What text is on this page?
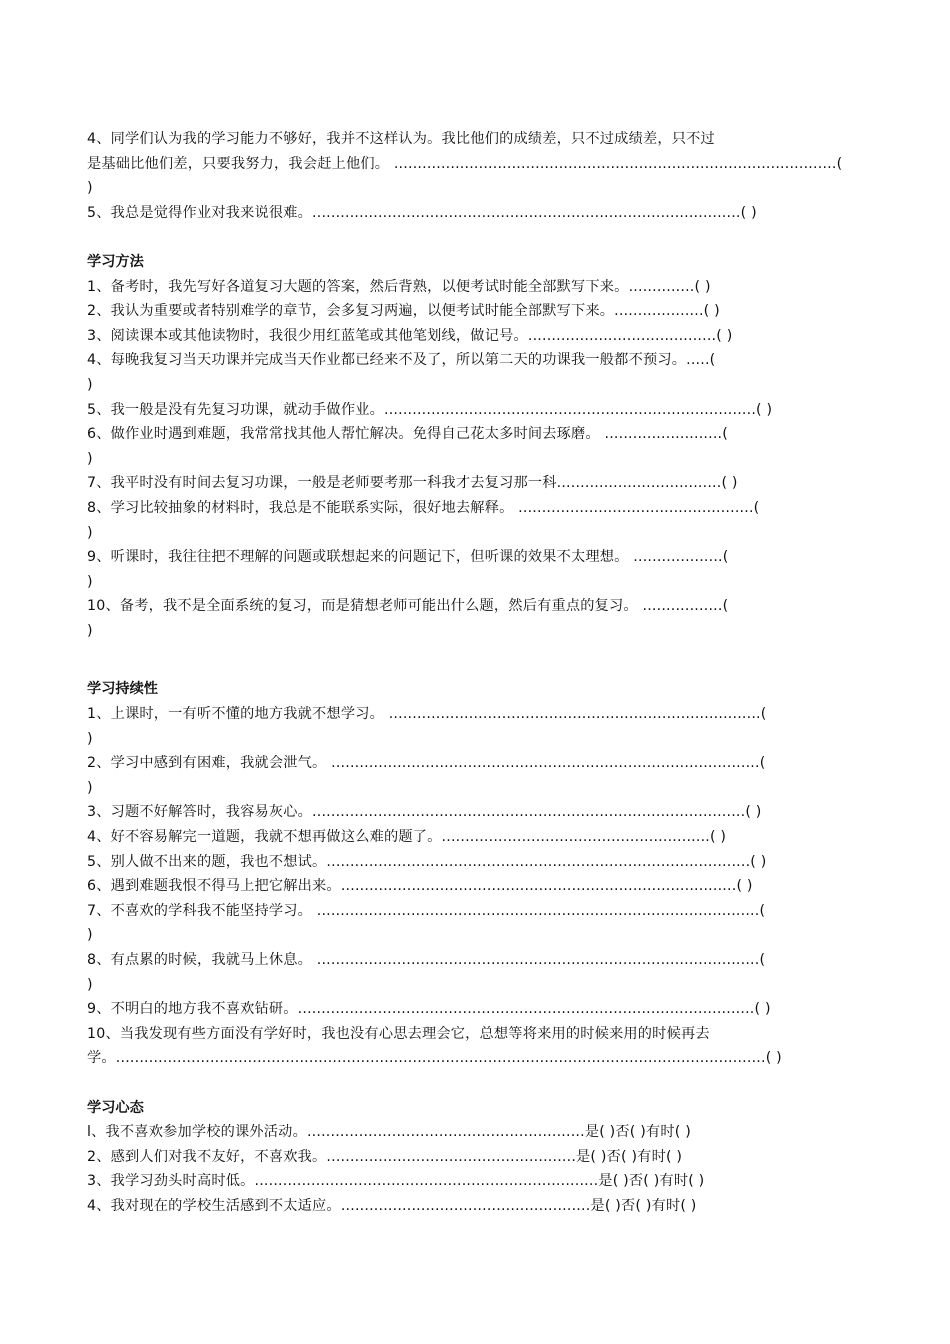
4、同学们认为我的学习能力不够好，我并不这样认为。我比他们的成绩差，只不过成绩差，只不过
是基础比他们差，只要我努力，我会赶上他们。 ..............................................................................................(
)
5、我总是觉得作业对我来说很难。...........................................................................................( )
学习方法
1、备考时，我先写好各道复习大题的答案，然后背熟，以便考试时能全部默写下来。..............( )
2、我认为重要或者特别难学的章节，会多复习两遍，以便考试时能全部默写下来。...................( )
3、阅读课本或其他读物时，我很少用红蓝笔或其他笔划线，做记号。........................................( )
4、每晚我复习当天功课并完成当天作业都已经来不及了，所以第二天的功课我一般都不预习。.....(
)
5、我一般是没有先复习功课，就动手做作业。...............................................................................( )
6、做作业时遇到难题，我常常找其他人帮忙解决。免得自己花太多时间去琢磨。 .........................(
)
7、我平时没有时间去复习功课，一般是老师要考那一科我才去复习那一科...................................( )
8、学习比较抽象的材料时，我总是不能联系实际，很好地去解释。 ..................................................(
)
9、听课时，我往往把不理解的问题或联想起来的问题记下，但听课的效果不太理想。 ...................(
)
10、备考，我不是全面系统的复习，而是猜想老师可能出什么题，然后有重点的复习。 .................(
)
学习持续性
1、上课时，一有听不懂的地方我就不想学习。 ...............................................................................(
)
2、学习中感到有困难，我就会泄气。 ...........................................................................................(
)
3、习题不好解答时，我容易灰心。............................................................................................( )
4、好不容易解完一道题，我就不想再做这么难的题了。.........................................................( )
5、别人做不出来的题，我也不想试。..........................................................................................( )
6、遇到难题我恨不得马上把它解出来。....................................................................................( )
7、不喜欢的学科我不能坚持学习。 ..............................................................................................(
)
8、有点累的时候，我就马上休息。 ..............................................................................................(
)
9、不明白的地方我不喜欢钻研。.................................................................................................( )
10、当我发现有些方面没有学好时，我也没有心思去理会它，总想等将来用的时候来用的时候再去
学。..........................................................................................................................................( )
学习心态
l、我不喜欢参加学校的课外活动。...........................................................是( )否( )有时( )
2、感到人们对我不友好，不喜欢我。.....................................................是( )否( )有时( )
3、我学习劲头时高时低。.........................................................................是( )否( )有时( )
4、我对现在的学校生活感到不太适应。.....................................................是( )否( )有时( )
